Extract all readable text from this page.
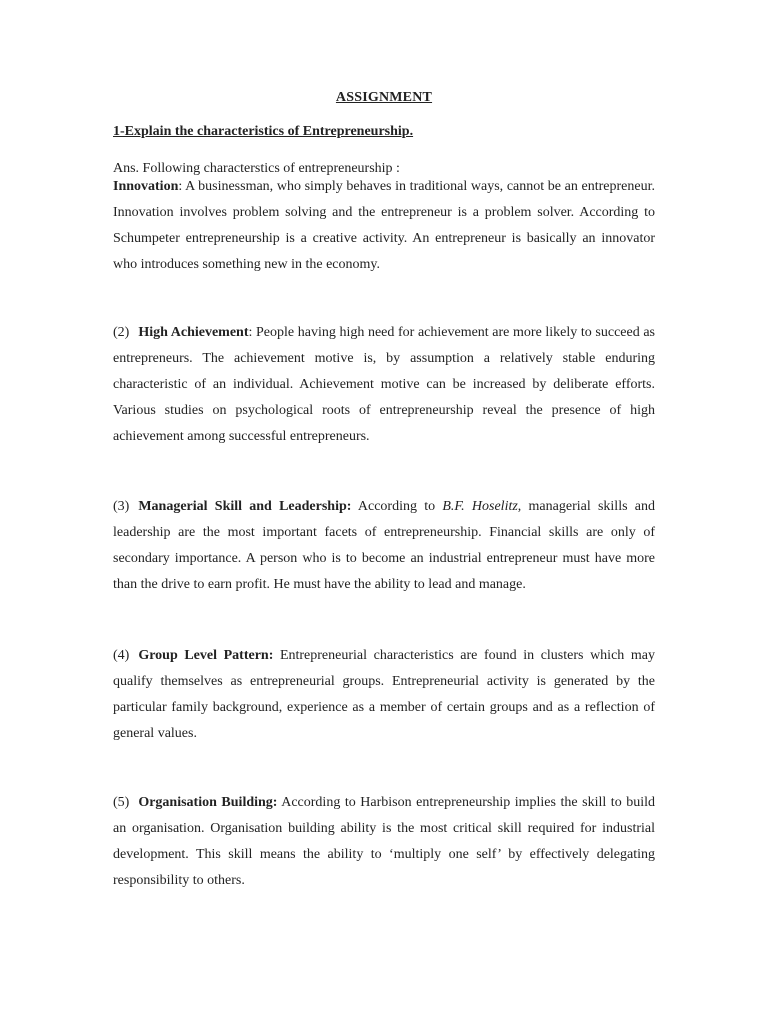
ASSIGNMENT
1-Explain the characteristics of Entrepreneurship.
Ans. Following characterstics of entrepreneurship :
Innovation: A businessman, who simply behaves in traditional ways, cannot be an entrepreneur. Innovation involves problem solving and the entrepreneur is a problem solver. According to Schumpeter entrepreneurship is a creative activity. An entrepreneur is basically an innovator who introduces something new in the economy.
(2) High Achievement: People having high need for achievement are more likely to succeed as entrepreneurs. The achievement motive is, by assumption a relatively stable enduring characteristic of an individual. Achievement motive can be increased by deliberate efforts. Various studies on psychological roots of entrepreneurship reveal the presence of high achievement among successful entrepreneurs.
(3) Managerial Skill and Leadership: According to B.F. Hoselitz, managerial skills and leadership are the most important facets of entrepreneurship. Financial skills are only of secondary importance. A person who is to become an industrial entrepreneur must have more than the drive to earn profit. He must have the ability to lead and manage.
(4) Group Level Pattern: Entrepreneurial characteristics are found in clusters which may qualify themselves as entrepreneurial groups. Entrepreneurial activity is generated by the particular family background, experience as a member of certain groups and as a reflection of general values.
(5) Organisation Building: According to Harbison entrepreneurship implies the skill to build an organisation. Organisation building ability is the most critical skill required for industrial development. This skill means the ability to ‘multiply one self’ by effectively delegating responsibility to others.
